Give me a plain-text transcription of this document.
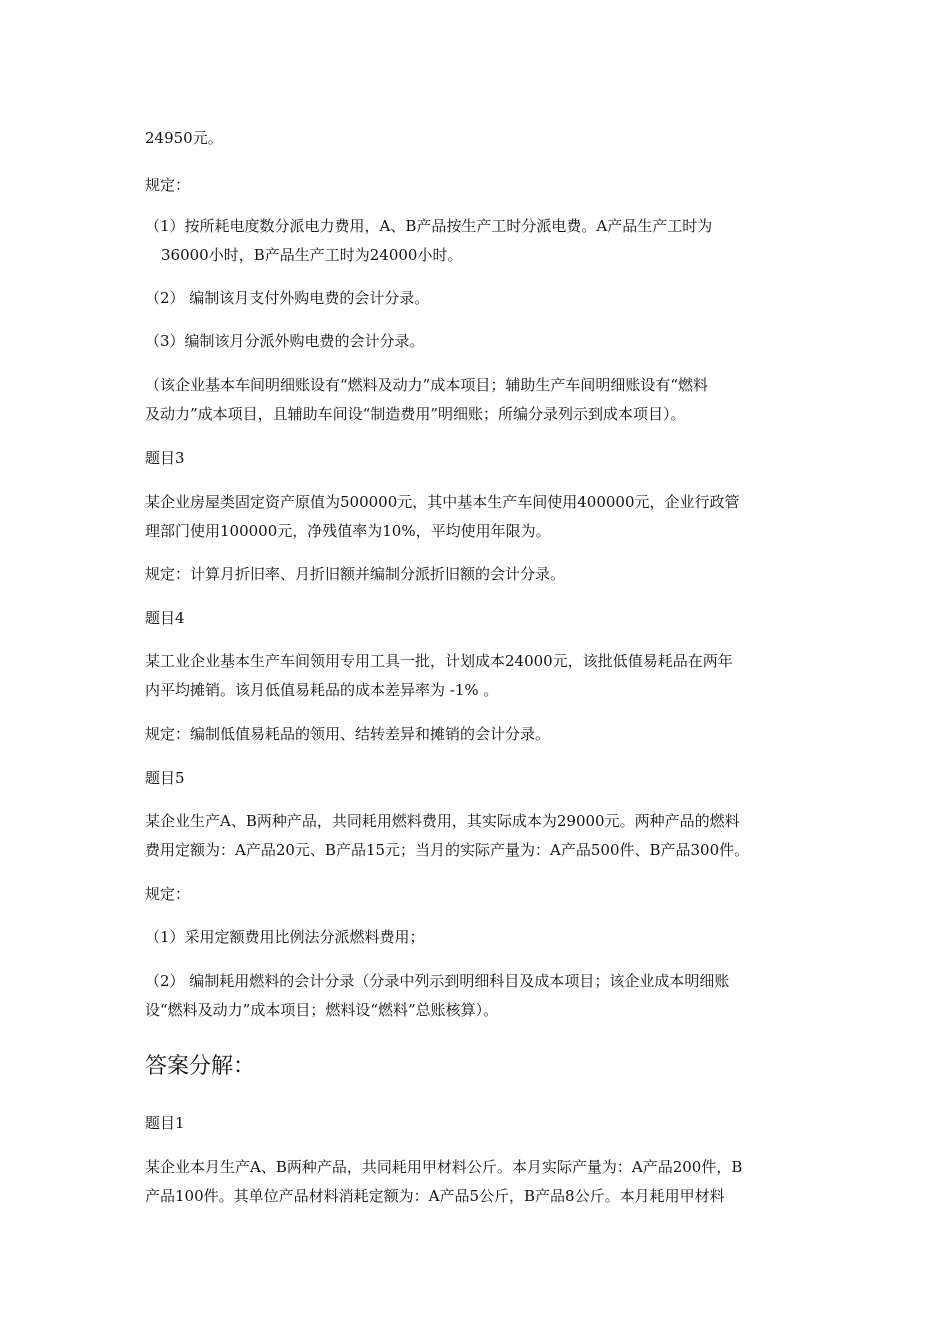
24950元。

规定：

（1）按所耗电度数分派电力费用，A、B产品按生产工时分派电费。A产品生产工时为

36000小时，B产品生产工时为24000小时。

（2） 编制该月支付外购电费的会计分录。

（3）编制该月分派外购电费的会计分录。

（该企业基本车间明细账设有“燃料及动力”成本项目；辅助生产车间明细账设有“燃料

及动力”成本项目，且辅助车间设“制造费用”明细账；所编分录列示到成本项目）。

题目3

某企业房屋类固定资产原值为500000元，其中基本生产车间使用400000元，企业行政管

理部门使用100000元，净残值率为10%，平均使用年限为。

规定：计算月折旧率、月折旧额并编制分派折旧额的会计分录。

题目4

某工业企业基本生产车间领用专用工具一批，计划成本24000元，该批低值易耗品在两年

内平均摊销。该月低值易耗品的成本差异率为 -1% 。

规定：编制低值易耗品的领用、结转差异和摊销的会计分录。

题目5

某企业生产A、B两种产品，共同耗用燃料费用，其实际成本为29000元。两种产品的燃料

费用定额为：A产品20元、B产品15元；当月的实际产量为：A产品500件、B产品300件。

规定：

（1）采用定额费用比例法分派燃料费用；

（2） 编制耗用燃料的会计分录（分录中列示到明细科目及成本项目；该企业成本明细账

设“燃料及动力”成本项目；燃料设“燃料”总账核算）。

答案分解：

题目1

某企业本月生产A、B两种产品，共同耗用甲材料公斤。本月实际产量为：A产品200件，B

产品100件。其单位产品材料消耗定额为：A产品5公斤，B产品8公斤。本月耗用甲材料
